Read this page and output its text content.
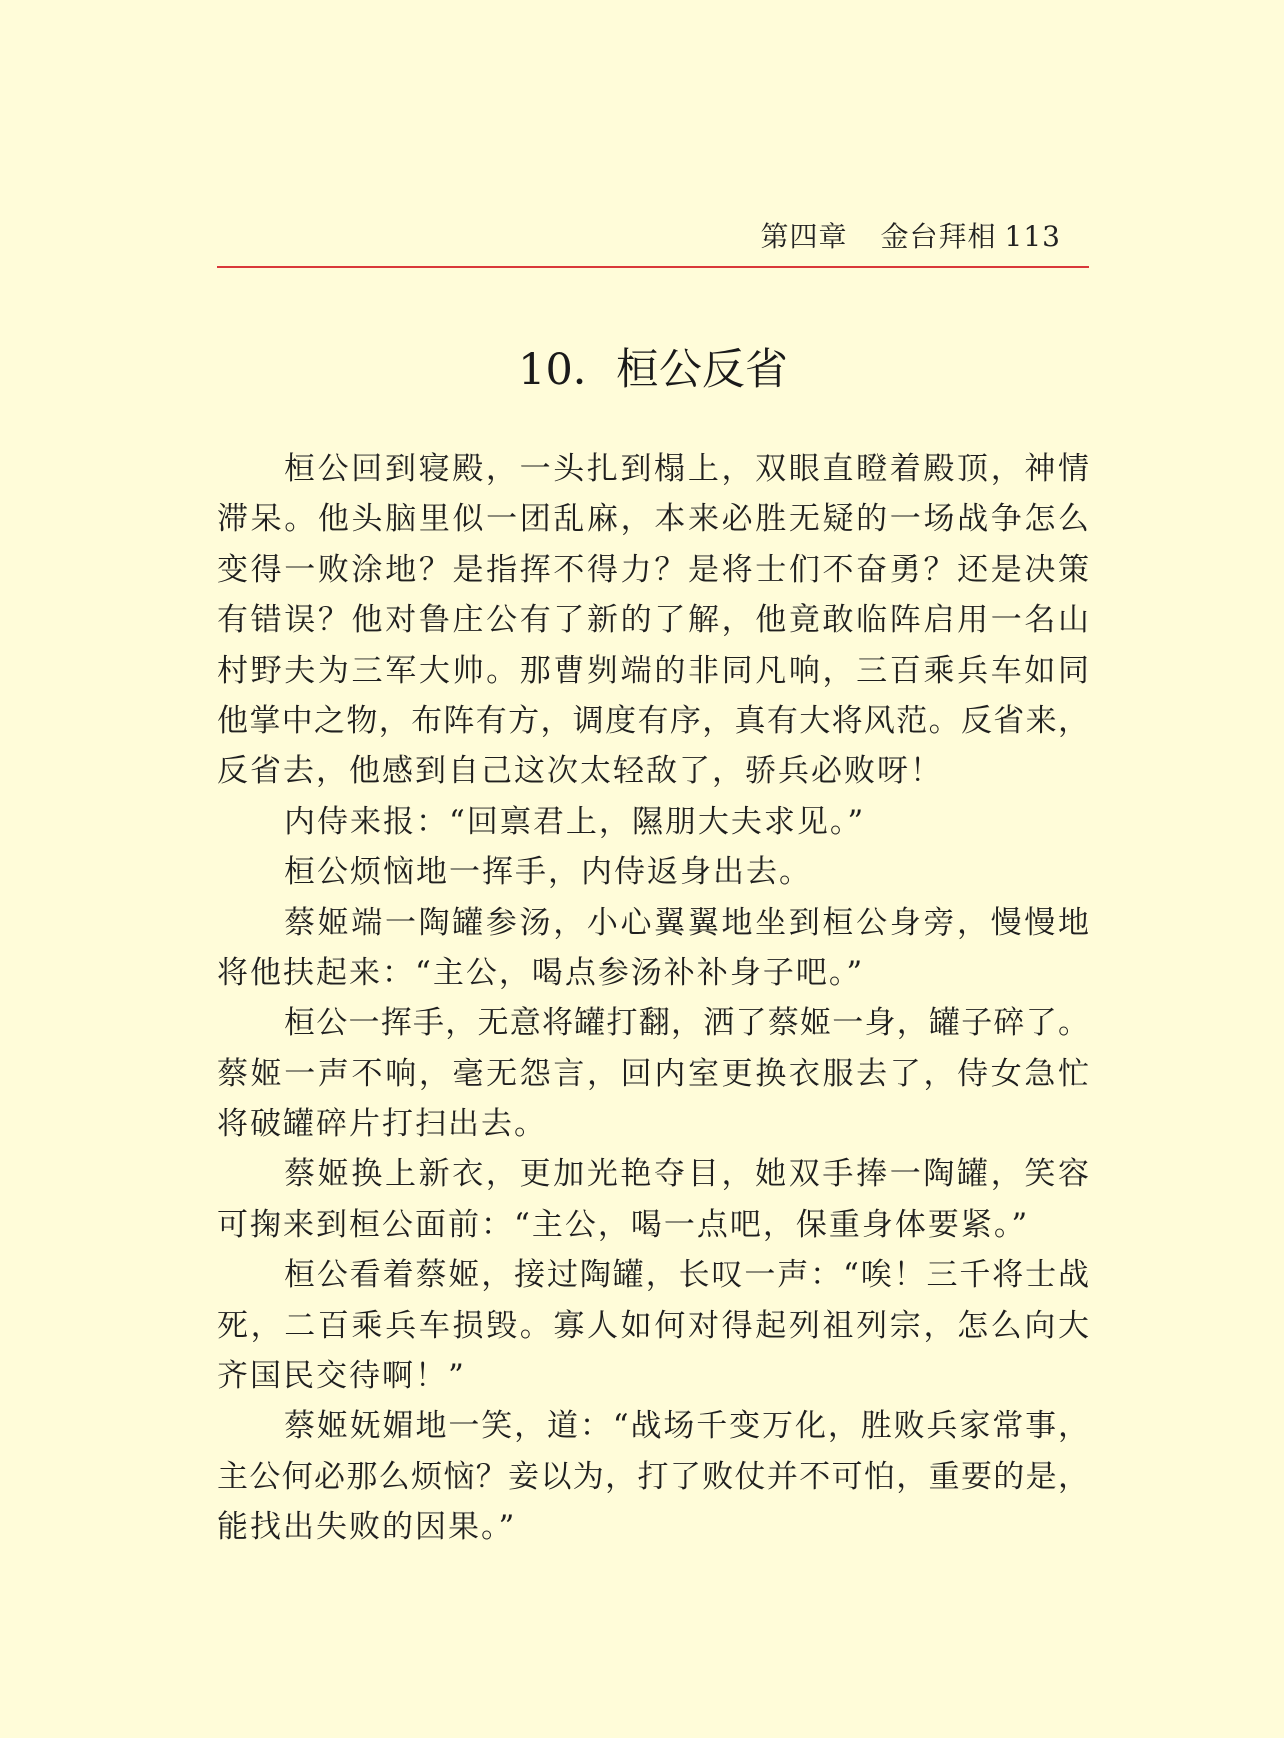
第四章 金台拜相 113
10．桓公反省
桓公回到寝殿，一头扎到榻上，双眼直瞪着殿顶，神情
滞呆。他头脑里似一团乱麻，本来必胜无疑的一场战争怎么
变得一败涂地？是指挥不得力？是将士们不奋勇？还是决策
有错误？他对鲁庄公有了新的了解，他竟敢临阵启用一名山
村野夫为三军大帅。那曹刿端的非同凡响，三百乘兵车如同
他掌中之物，布阵有方，调度有序，真有大将风范。反省来，
反省去，他感到自己这次太轻敌了，骄兵必败呀！
内侍来报：“回禀君上，隰朋大夫求见。”
桓公烦恼地一挥手，内侍返身出去。
蔡姬端一陶罐参汤，小心翼翼地坐到桓公身旁，慢慢地
将他扶起来：“主公，喝点参汤补补身子吧。”
桓公一挥手，无意将罐打翻，洒了蔡姬一身，罐子碎了。
蔡姬一声不响，毫无怨言，回内室更换衣服去了，侍女急忙
将破罐碎片打扫出去。
蔡姬换上新衣，更加光艳夺目，她双手捧一陶罐，笑容
可掬来到桓公面前：“主公，喝一点吧，保重身体要紧。”
桓公看着蔡姬，接过陶罐，长叹一声：“唉！三千将士战
死，二百乘兵车损毁。寡人如何对得起列祖列宗，怎么向大
齐国民交待啊！”
蔡姬妩媚地一笑，道：“战场千变万化，胜败兵家常事，
主公何必那么烦恼？妾以为，打了败仗并不可怕，重要的是，
能找出失败的因果。”
